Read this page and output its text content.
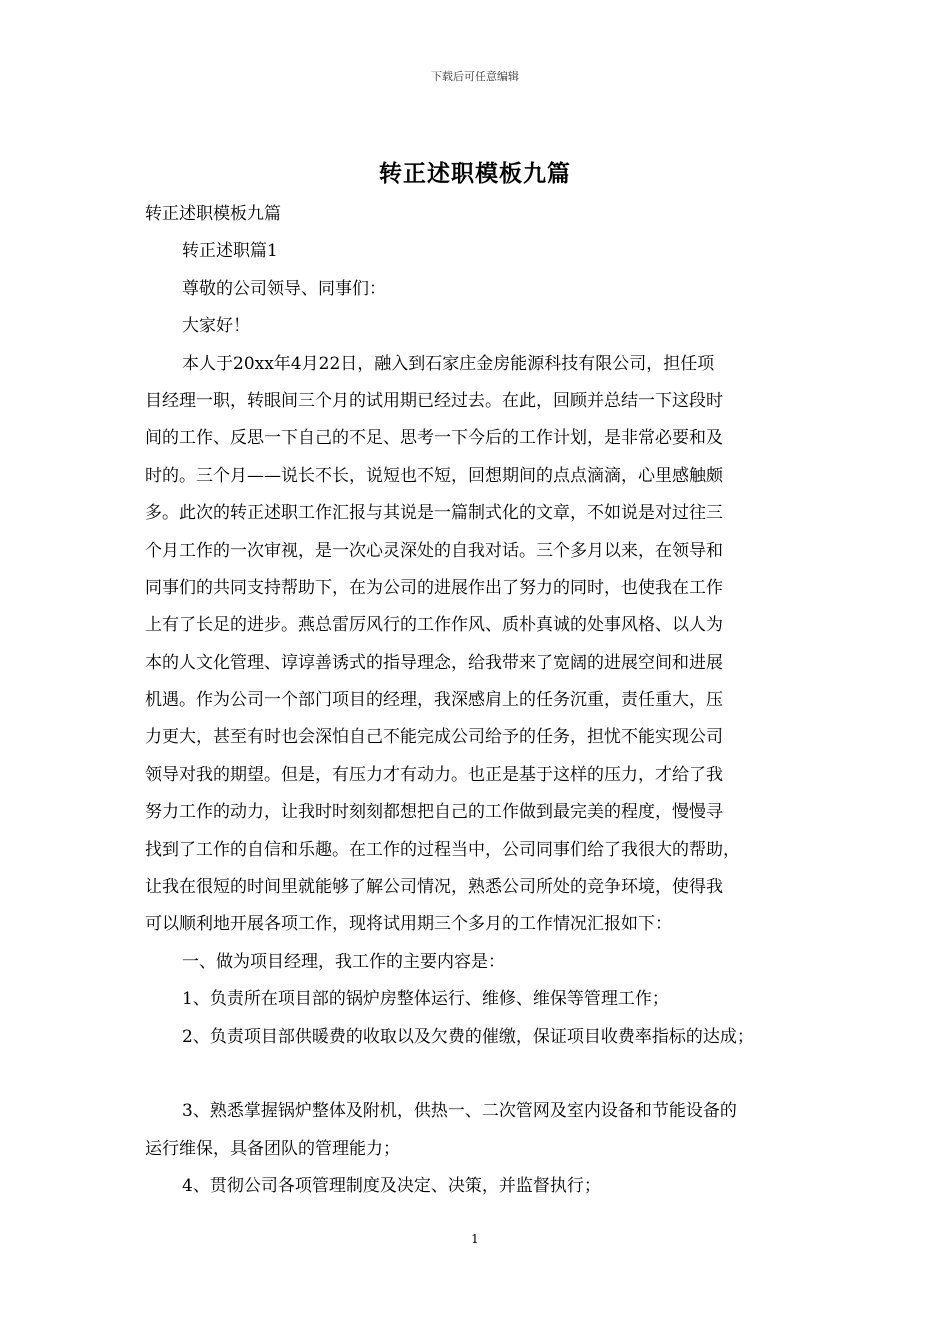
下载后可任意编辑
转正述职模板九篇
转正述职模板九篇
转正述职篇1
尊敬的公司领导、同事们：
大家好！
本人于20xx年4月22日，融入到石家庄金房能源科技有限公司，担任项
目经理一职，转眼间三个月的试用期已经过去。在此，回顾并总结一下这段时
间的工作、反思一下自己的不足、思考一下今后的工作计划，是非常必要和及
时的。三个月——说长不长，说短也不短，回想期间的点点滴滴，心里感触颇
多。此次的转正述职工作汇报与其说是一篇制式化的文章，不如说是对过往三
个月工作的一次审视，是一次心灵深处的自我对话。三个多月以来，在领导和
同事们的共同支持帮助下，在为公司的进展作出了努力的同时，也使我在工作
上有了长足的进步。燕总雷厉风行的工作作风、质朴真诚的处事风格、以人为
本的人文化管理、谆谆善诱式的指导理念，给我带来了宽阔的进展空间和进展
机遇。作为公司一个部门项目的经理，我深感肩上的任务沉重，责任重大，压
力更大，甚至有时也会深怕自己不能完成公司给予的任务，担忧不能实现公司
领导对我的期望。但是，有压力才有动力。也正是基于这样的压力，才给了我
努力工作的动力，让我时时刻刻都想把自己的工作做到最完美的程度，慢慢寻
找到了工作的自信和乐趣。在工作的过程当中，公司同事们给了我很大的帮助，
让我在很短的时间里就能够了解公司情况，熟悉公司所处的竞争环境，使得我
可以顺利地开展各项工作，现将试用期三个多月的工作情况汇报如下：
一、做为项目经理，我工作的主要内容是：
1、负责所在项目部的锅炉房整体运行、维修、维保等管理工作；
2、负责项目部供暖费的收取以及欠费的催缴，保证项目收费率指标的达成；
3、熟悉掌握锅炉整体及附机，供热一、二次管网及室内设备和节能设备的
运行维保，具备团队的管理能力；
4、贯彻公司各项管理制度及决定、决策，并监督执行；
1
